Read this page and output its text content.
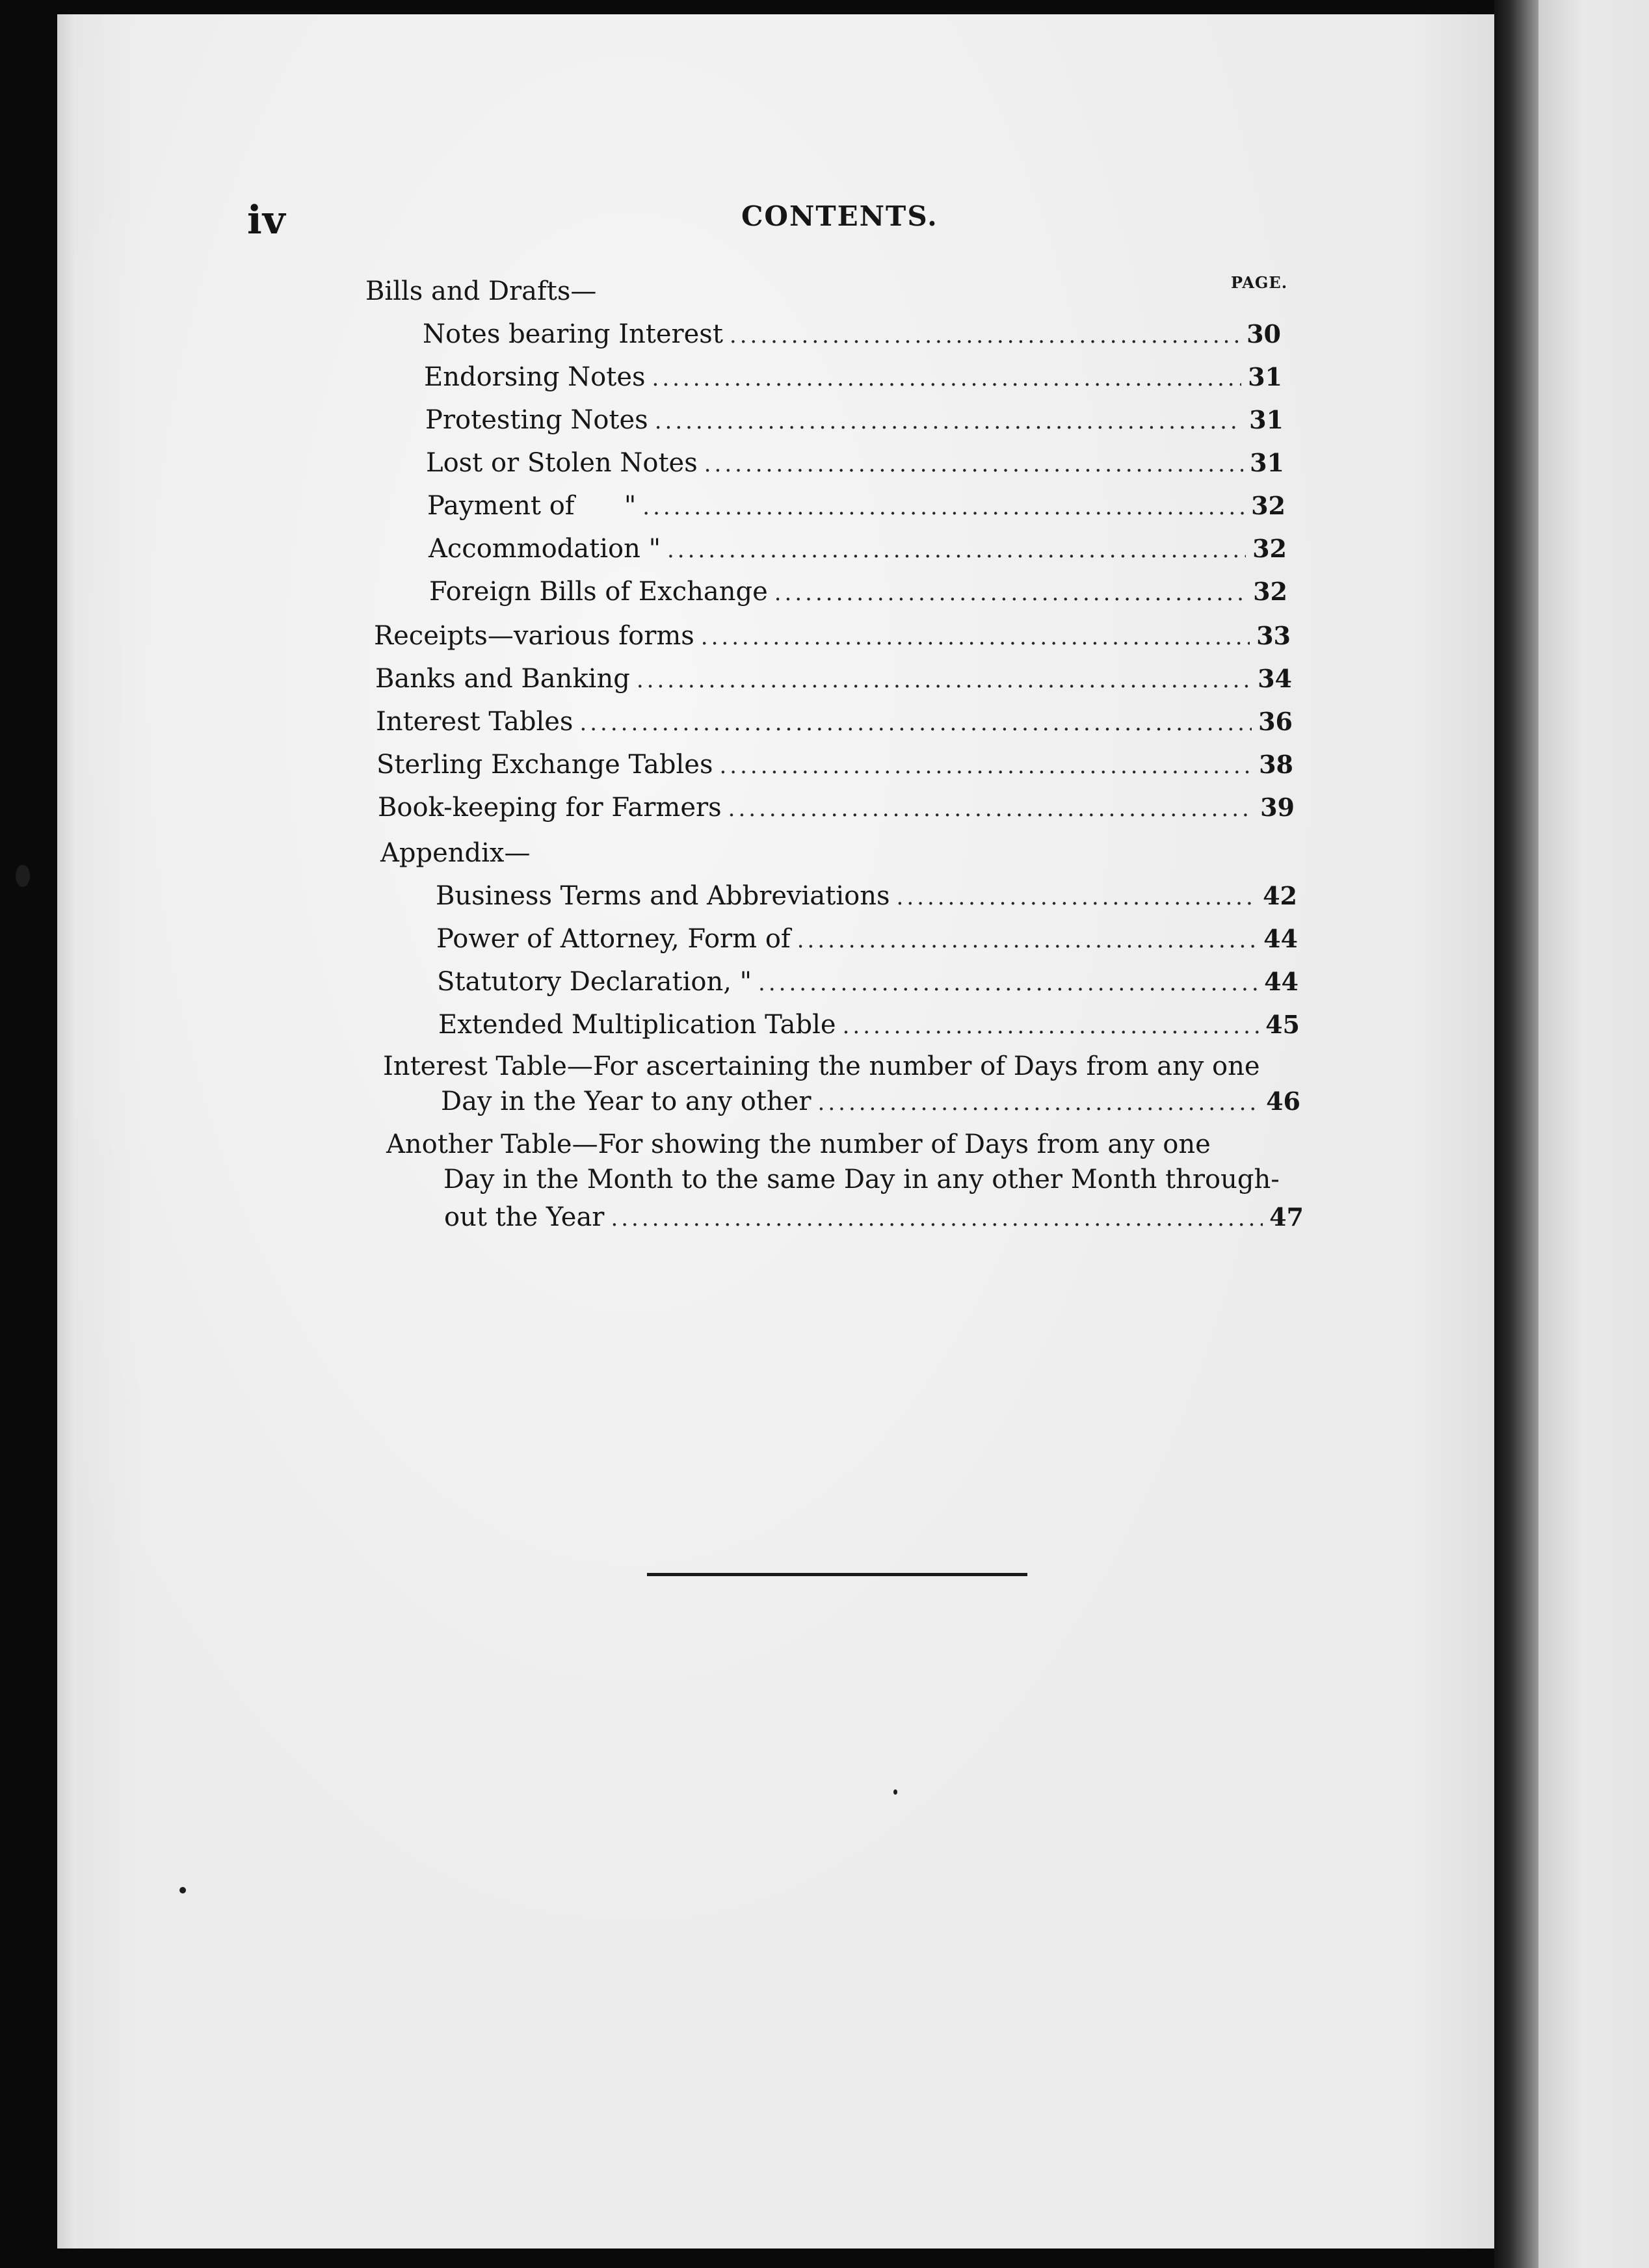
iv	CONTENTS.
PAGE.
Bills and Drafts—
Notes bearing Interest .....	30
Endorsing Notes .....	31
Protesting Notes .....	31
Lost or Stolen Notes .....	31
Payment of      " .....	32
Accommodation " .....	32
Foreign Bills of Exchange .....	32
Receipts—various forms .....	33
Banks and Banking .....	34
Interest Tables .....	36
Sterling Exchange Tables .....	38
Book-keeping for Farmers .....	39
Appendix—
Business Terms and Abbreviations .....	42
Power of Attorney, Form of .....	44
Statutory Declaration, " .....	44
Extended Multiplication Table .....	45
Interest Table—For ascertaining the number of Days from any one
Day in the Year to any other .....	46
Another Table—For showing the number of Days from any one
Day in the Month to the same Day in any other Month through-
out the Year .....	47
